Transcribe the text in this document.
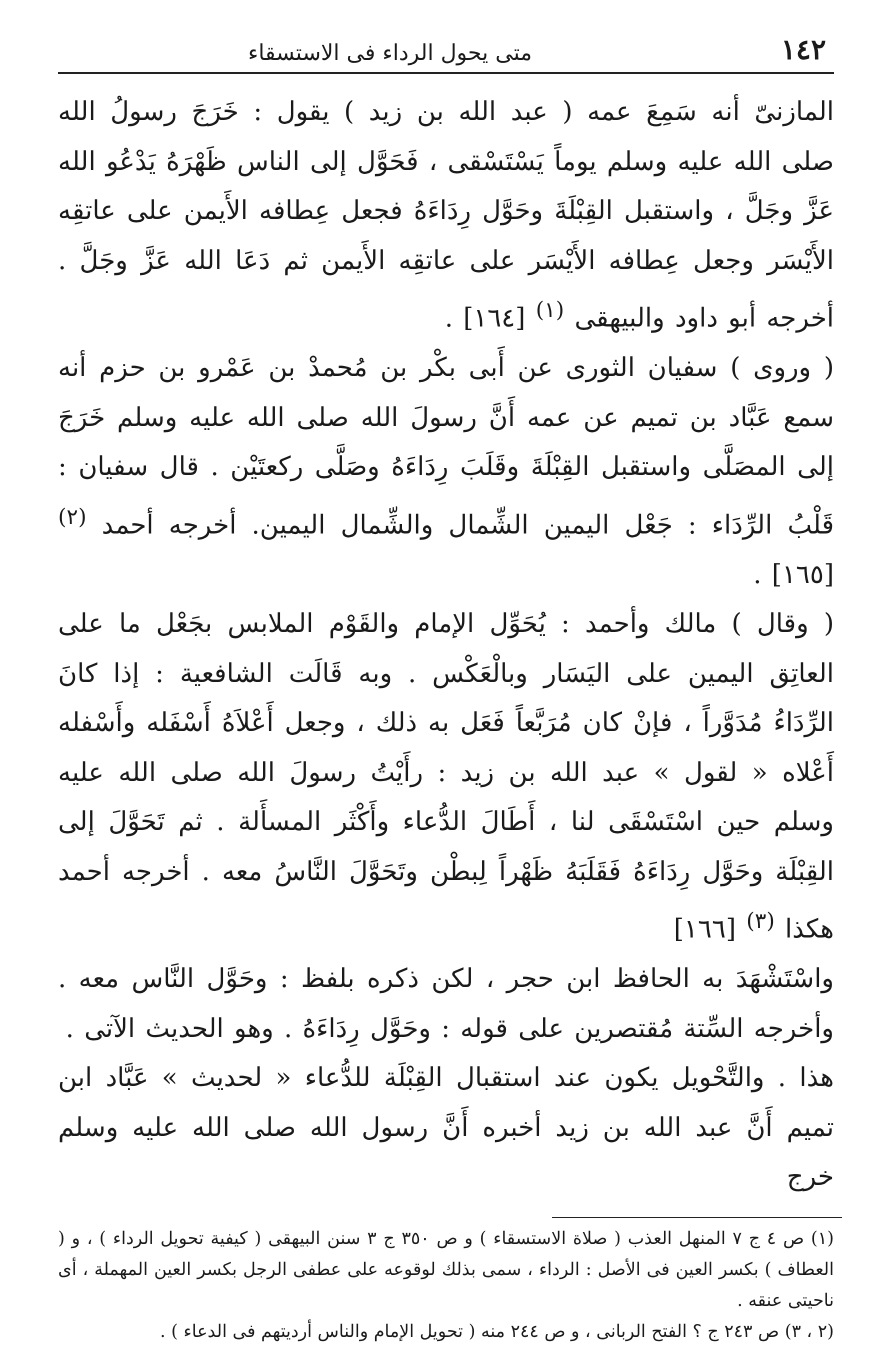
١٤٢
متى يحول الرداء فى الاستسقاء

المازنىّ أنه سَمِعَ عمه ( عبد الله بن زيد ) يقول : خَرَجَ رسولُ الله صلى الله عليه وسلم يوماً يَسْتَسْقى ، فَحَوَّل إلى الناس ظَهْرَهُ يَدْعُو الله عَزَّ وجَلَّ ، واستقبل القِبْلَةَ وحَوَّل رِدَاءَهُ فجعل عِطافه الأَيمن على عاتقِه الأَيْسَر وجعل عِطافه الأَيْسَر على عاتقِه الأَيمن ثم دَعَا الله عَزَّ وجَلَّ . أخرجه أبو داود والبيهقى $^{(١)}$ [١٦٤] .

( وروى ) سفيان الثورى عن أَبى بكْر بن مُحمدْ بن عَمْرو بن حزم أنه سمع عَبَّاد بن تميم عن عمه أَنَّ رسولَ الله صلى الله عليه وسلم خَرَجَ إلى المصَلَّى واستقبل القِبْلَةَ وقَلَبَ رِدَاءَهُ وصَلَّى ركعتَيْن . قال سفيان : قَلْبُ الرِّدَاء : جَعْل اليمين الشِّمال والشِّمال اليمين. أخرجه أحمد $^{(٢)}$ [١٦٥] .

( وقال ) مالك وأحمد : يُحَوِّل الإمام والقَوْم الملابس بجَعْل ما على العاتِق اليمين على اليَسَار وبالْعَكْس . وبه قَالَت الشافعية : إذا كانَ الرِّدَاءُ مُدَوَّراً ، فإنْ كان مُرَبَّعاً فَعَل به ذلك ، وجعل أَعْلاَهُ أَسْفَله وأَسْفله أَعْلاه « لقول » عبد الله بن زيد : رأَيْتُ رسولَ الله صلى الله عليه وسلم حين اسْتَسْقَى لنا ، أَطَالَ الدُّعاء وأَكْثَر المسأَلة . ثم تَحَوَّلَ إلى القِبْلَة وحَوَّل رِدَاءَهُ فَقَلَبَهُ ظَهْراً لِبطْن وتَحَوَّلَ النَّاسُ معه . أخرجه أحمد هكذا $^{(٣)}$ [١٦٦]

واسْتَشْهَدَ به الحافظ ابن حجر ، لكن ذكره بلفظ : وحَوَّل النَّاس معه . وأخرجه السِّتة مُقتصرين على قوله : وحَوَّل رِدَاءَهُ . وهو الحديث الآتى .

هذا . والتَّحْويل يكون عند استقبال القِبْلَة للدُّعاء « لحديث » عَبَّاد ابن تميم أَنَّ عبد الله بن زيد أخبره أَنَّ رسول الله صلى الله عليه وسلم خرج

(١) ص ٤ ج ٧ المنهل العذب ( صلاة الاستسقاء ) و ص ٣٥٠ ج ٣ سنن البيهقى ( كيفية تحويل الرداء ) ، و ( العطاف ) بكسر العين فى الأصل : الرداء ، سمى بذلك لوقوعه على عطفى الرجل بكسر العين المهملة ، أى ناحيتى عنقه .

(٢ ، ٣) ص ٢٤٣ ج ؟ الفتح الربانى ، و ص ٢٤٤ منه ( تحويل الإمام والناس أرديتهم فى الدعاء ) .
